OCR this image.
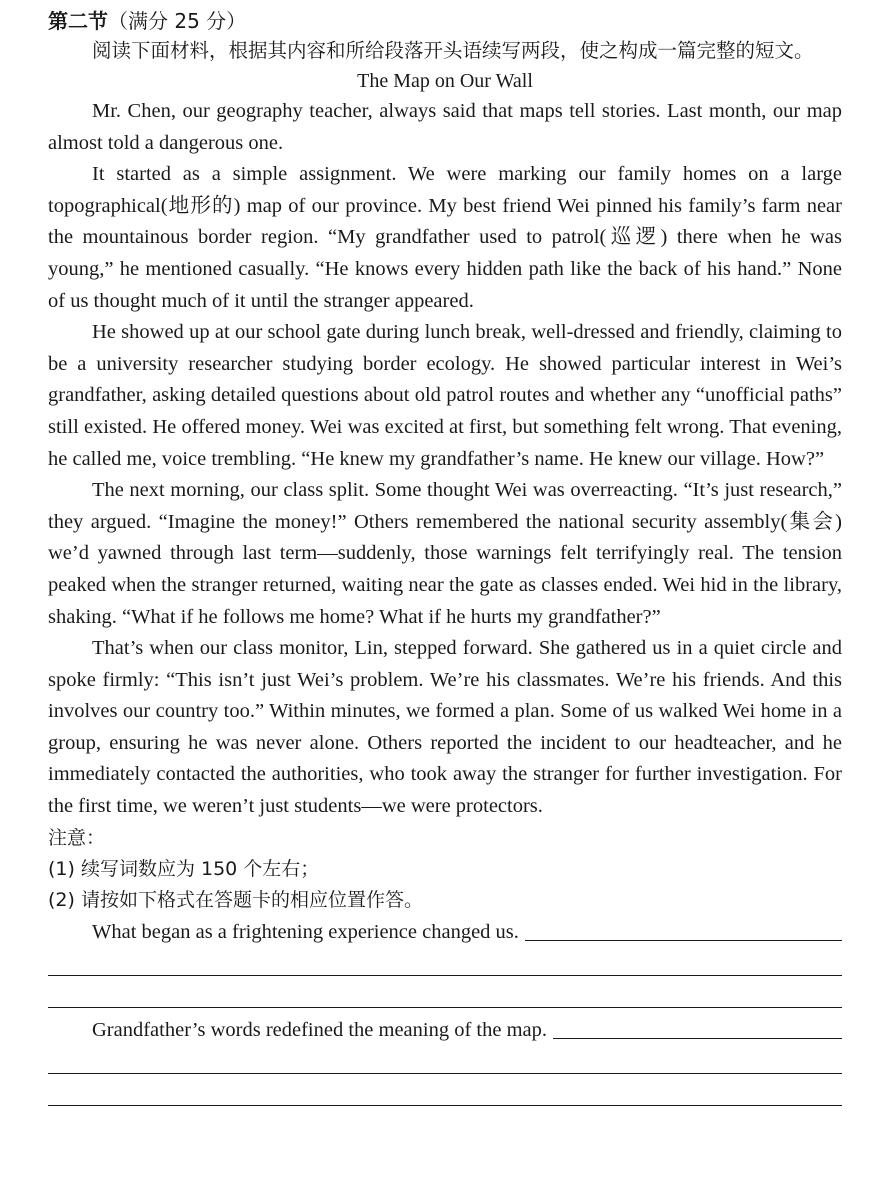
第二节（满分 25 分）
阅读下面材料，根据其内容和所给段落开头语续写两段，使之构成一篇完整的短文。
The Map on Our Wall

Mr. Chen, our geography teacher, always said that maps tell stories. Last month, our map almost told a dangerous one.

It started as a simple assignment. We were marking our family homes on a large topographical(地形的) map of our province. My best friend Wei pinned his family’s farm near the mountainous border region. “My grandfather used to patrol(巡逻) there when he was young,” he mentioned casually. “He knows every hidden path like the back of his hand.” None of us thought much of it until the stranger appeared.

He showed up at our school gate during lunch break, well-dressed and friendly, claiming to be a university researcher studying border ecology. He showed particular interest in Wei’s grandfather, asking detailed questions about old patrol routes and whether any “unofficial paths” still existed. He offered money. Wei was excited at first, but something felt wrong. That evening, he called me, voice trembling. “He knew my grandfather’s name. He knew our village. How?”

The next morning, our class split. Some thought Wei was overreacting. “It’s just research,” they argued. “Imagine the money!” Others remembered the national security assembly(集会) we’d yawned through last term—suddenly, those warnings felt terrifyingly real. The tension peaked when the stranger returned, waiting near the gate as classes ended. Wei hid in the library, shaking. “What if he follows me home? What if he hurts my grandfather?”

That’s when our class monitor, Lin, stepped forward. She gathered us in a quiet circle and spoke firmly: “This isn’t just Wei’s problem. We’re his classmates. We’re his friends. And this involves our country too.” Within minutes, we formed a plan. Some of us walked Wei home in a group, ensuring he was never alone. Others reported the incident to our headteacher, and he immediately contacted the authorities, who took away the stranger for further investigation. For the first time, we weren’t just students—we were protectors.

注意：
(1) 续写词数应为 150 个左右；
(2) 请按如下格式在答题卡的相应位置作答。
What began as a frightening experience changed us.
Grandfather’s words redefined the meaning of the map.
